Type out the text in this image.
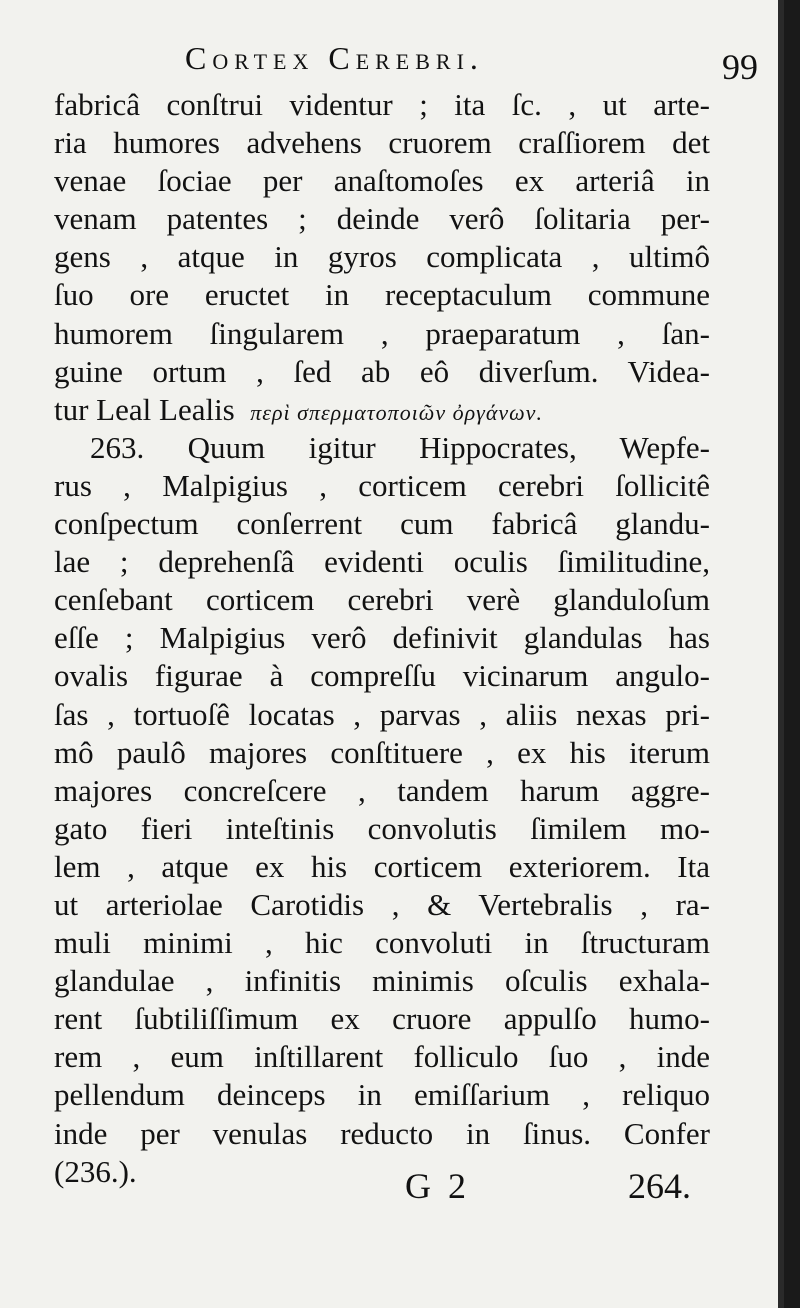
Cortex Cerebri.	99
fabricâ conſtrui videntur ; ita ſc. , ut arte-
ria humores advehens cruorem craſſiorem det
venae ſociae per anaſtomoſes ex arteriâ in
venam patentes ; deinde verô ſolitaria per-
gens , atque in gyros complicata , ultimô
ſuo ore eructet in receptaculum commune
humorem ſingularem , praeparatum , ſan-
guine ortum , ſed ab eô diverſum. Videa-
tur Leal Lealis περὶ σπερματοποιῶν ὀργάνων.
263. Quum igitur Hippocrates, Wepfe-
rus , Malpigius , corticem cerebri ſollicitê
conſpectum conſerrent cum fabricâ glandu-
lae ; deprehenſâ evidenti oculis ſimilitudine,
cenſebant corticem cerebri verè glanduloſum
eſſe ; Malpigius verô definivit glandulas has
ovalis figurae à compreſſu vicinarum angulo-
ſas , tortuoſê locatas , parvas , aliis nexas pri-
mô paulô majores conſtituere , ex his iterum
majores concreſcere , tandem harum aggre-
gato fieri inteſtinis convolutis ſimilem mo-
lem , atque ex his corticem exteriorem. Ita
ut arteriolae Carotidis , & Vertebralis , ra-
muli minimi , hic convoluti in ſtructuram
glandulae , infinitis minimis oſculis exhala-
rent ſubtiliſſimum ex cruore appulſo humo-
rem , eum inſtillarent folliculo ſuo , inde
pellendum deinceps in emiſſarium , reliquo
inde per venulas reducto in ſinus. Confer
(236.).	G 2	264.
